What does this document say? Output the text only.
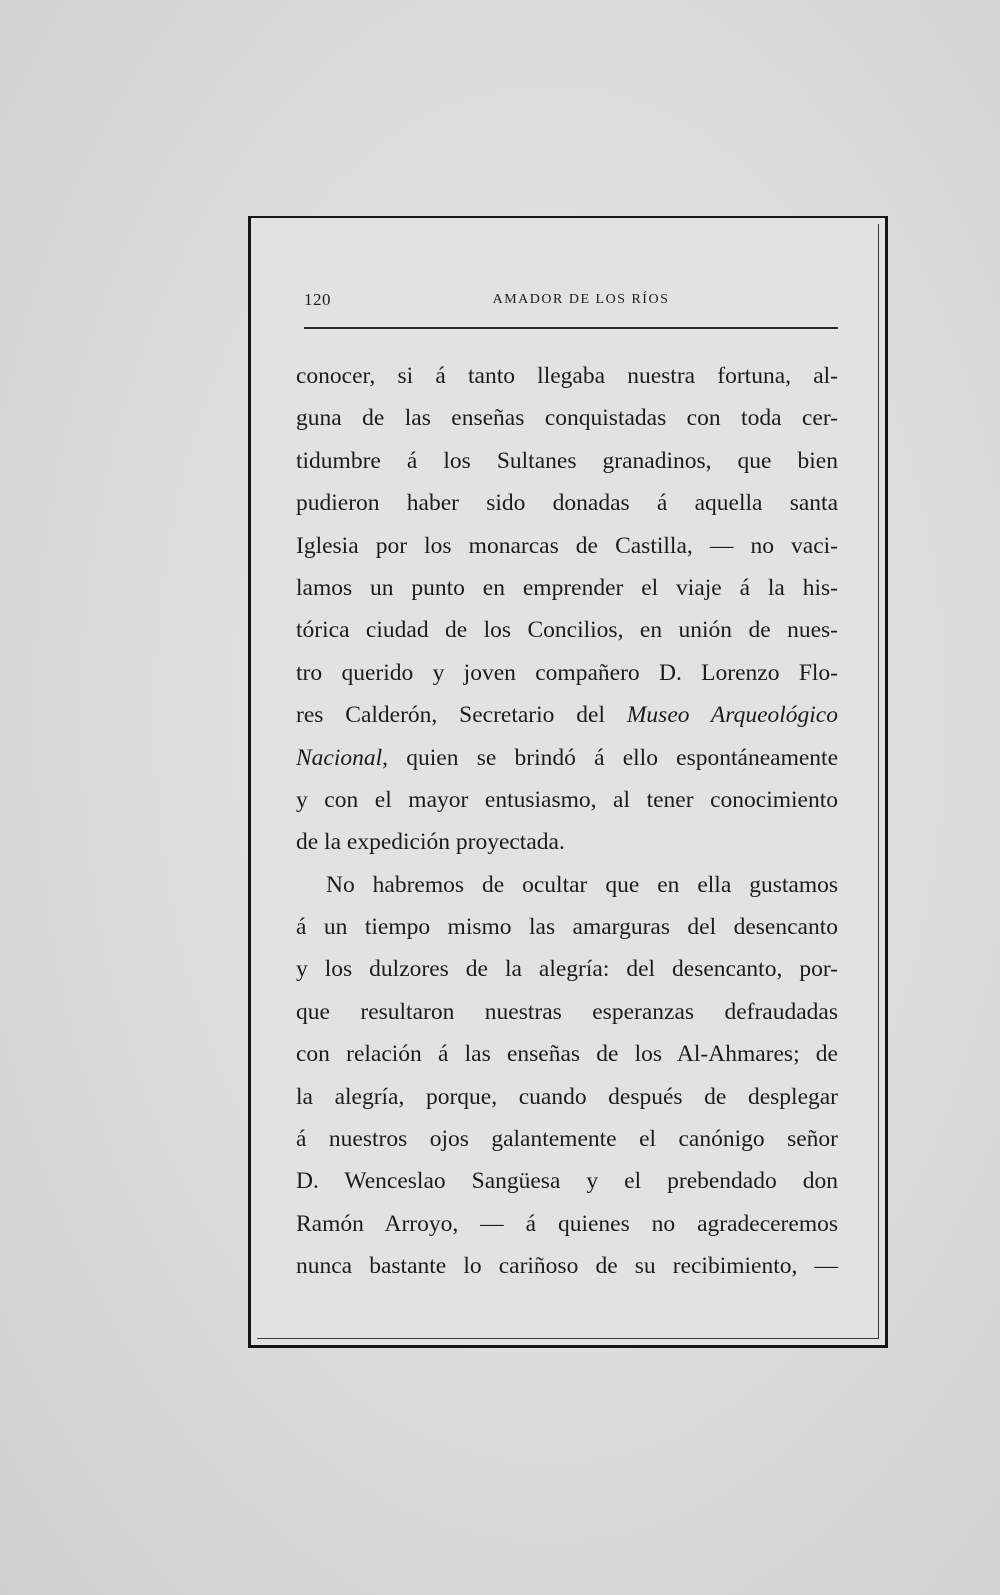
120	AMADOR DE LOS RÍOS
conocer, si á tanto llegaba nuestra fortuna, al-
guna de las enseñas conquistadas con toda cer-
tidumbre á los Sultanes granadinos, que bien
pudieron haber sido donadas á aquella santa
Iglesia por los monarcas de Castilla, — no vaci-
lamos un punto en emprender el viaje á la his-
tórica ciudad de los Concilios, en unión de nues-
tro querido y joven compañero D. Lorenzo Flo-
res Calderón, Secretario del Museo Arqueológico
Nacional, quien se brindó á ello espontáneamente
y con el mayor entusiasmo, al tener conocimiento
de la expedición proyectada.
No habremos de ocultar que en ella gustamos
á un tiempo mismo las amarguras del desencanto
y los dulzores de la alegría: del desencanto, por-
que resultaron nuestras esperanzas defraudadas
con relación á las enseñas de los Al-Ahmares; de
la alegría, porque, cuando después de desplegar
á nuestros ojos galantemente el canónigo señor
D. Wenceslao Sangüesa y el prebendado don
Ramón Arroyo, — á quienes no agradeceremos
nunca bastante lo cariñoso de su recibimiento, —
